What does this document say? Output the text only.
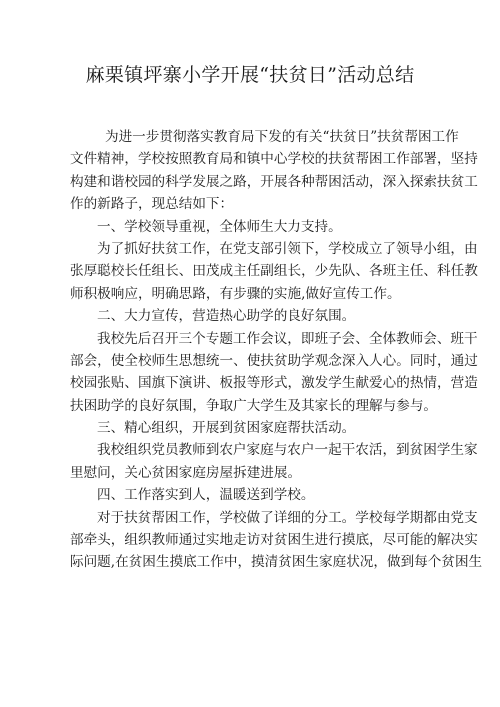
麻栗镇坪寨小学开展“扶贫日”活动总结
为进一步贯彻落实教育局下发的有关“扶贫日”扶贫帮困工作
文件精神，学校按照教育局和镇中心学校的扶贫帮困工作部署，坚持
构建和谐校园的科学发展之路，开展各种帮困活动，深入探索扶贫工
作的新路子，现总结如下：
一、学校领导重视，全体师生大力支持。
为了抓好扶贫工作，在党支部引领下，学校成立了领导小组，由
张厚聪校长任组长、田茂成主任副组长，少先队、各班主任、科任教
师积极响应，明确思路，有步骤的实施,做好宣传工作。
二、大力宣传，营造热心助学的良好氛围。
我校先后召开三个专题工作会议，即班子会、全体教师会、班干
部会，使全校师生思想统一、使扶贫助学观念深入人心。同时，通过
校园张贴、国旗下演讲、板报等形式，激发学生献爱心的热情，营造
扶困助学的良好氛围，争取广大学生及其家长的理解与参与。
三、精心组织，开展到贫困家庭帮扶活动。
我校组织党员教师到农户家庭与农户一起干农活，到贫困学生家
里慰问，关心贫困家庭房屋拆建进展。
四、工作落实到人，温暖送到学校。
对于扶贫帮困工作，学校做了详细的分工。学校每学期都由党支
部牵头，组织教师通过实地走访对贫困生进行摸底，尽可能的解决实
际问题,在贫困生摸底工作中，摸清贫困生家庭状况，做到每个贫困生
